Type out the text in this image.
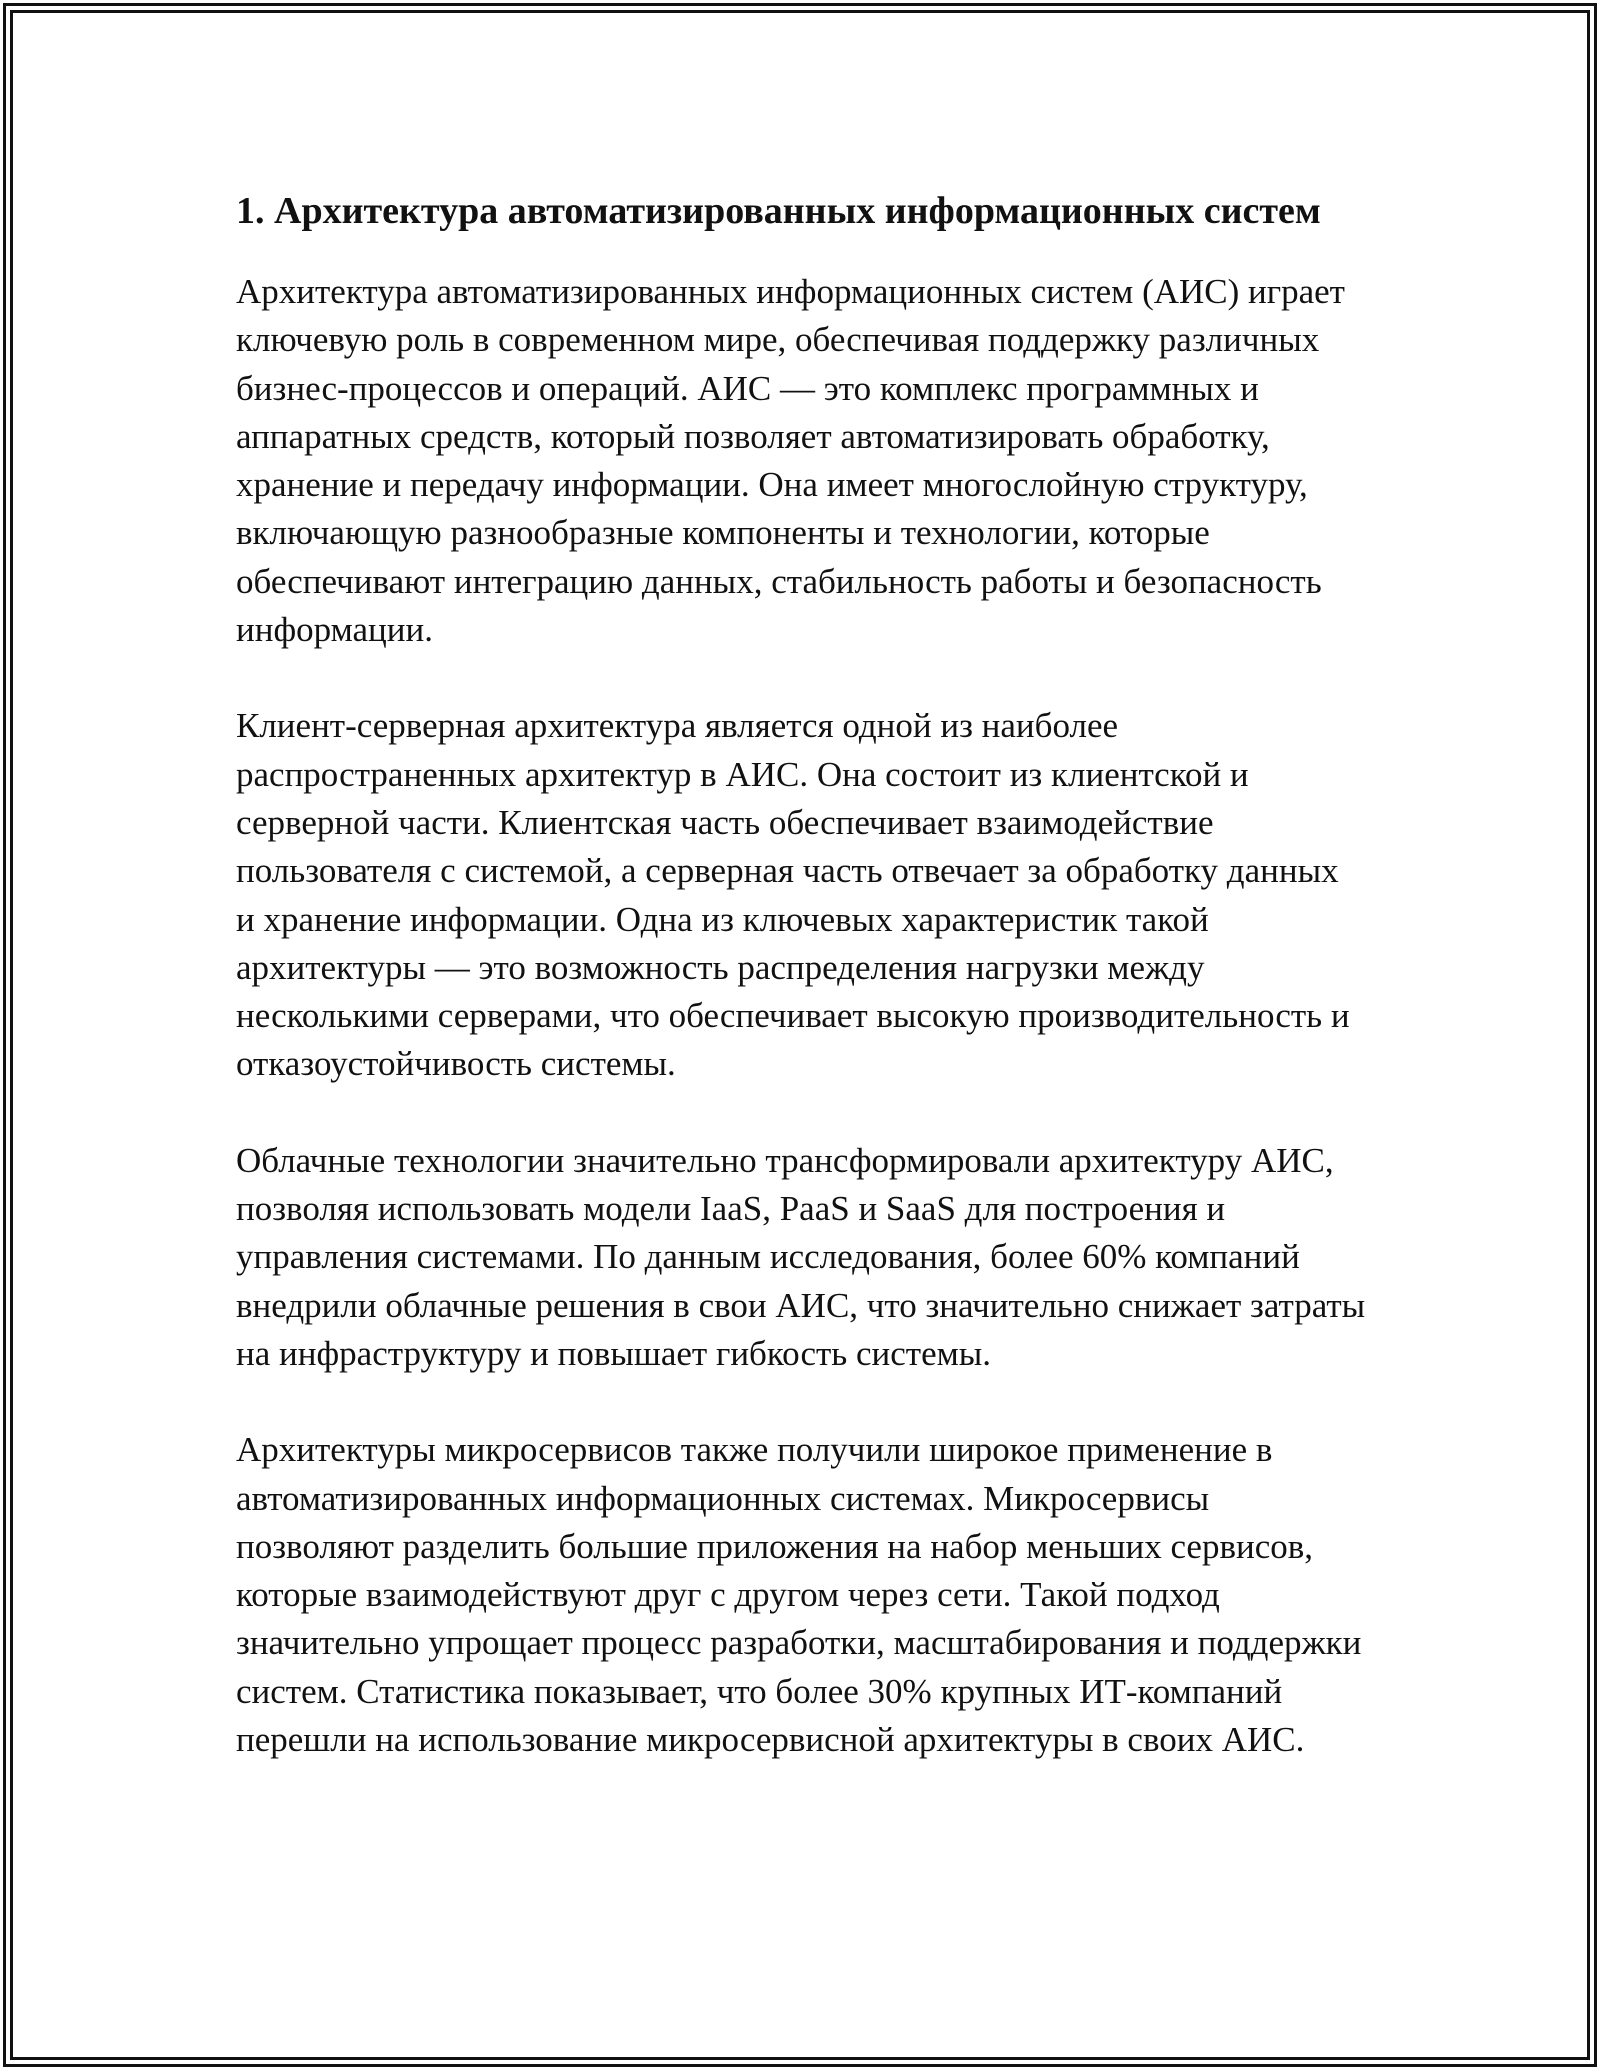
1. Архитектура автоматизированных информационных систем

Архитектура автоматизированных информационных систем (АИС) играет ключевую роль в современном мире, обеспечивая поддержку различных бизнес-процессов и операций. АИС — это комплекс программных и аппаратных средств, который позволяет автоматизировать обработку, хранение и передачу информации. Она имеет многослойную структуру, включающую разнообразные компоненты и технологии, которые обеспечивают интеграцию данных, стабильность работы и безопасность информации.

Клиент-серверная архитектура является одной из наиболее распространенных архитектур в АИС. Она состоит из клиентской и серверной части. Клиентская часть обеспечивает взаимодействие пользователя с системой, а серверная часть отвечает за обработку данных и хранение информации. Одна из ключевых характеристик такой архитектуры — это возможность распределения нагрузки между несколькими серверами, что обеспечивает высокую производительность и отказоустойчивость системы.

Облачные технологии значительно трансформировали архитектуру АИС, позволяя использовать модели IaaS, PaaS и SaaS для построения и управления системами. По данным исследования, более 60% компаний внедрили облачные решения в свои АИС, что значительно снижает затраты на инфраструктуру и повышает гибкость системы.

Архитектуры микросервисов также получили широкое применение в автоматизированных информационных системах. Микросервисы позволяют разделить большие приложения на набор меньших сервисов, которые взаимодействуют друг с другом через сети. Такой подход значительно упрощает процесс разработки, масштабирования и поддержки систем. Статистика показывает, что более 30% крупных ИТ-компаний перешли на использование микросервисной архитектуры в своих АИС.
